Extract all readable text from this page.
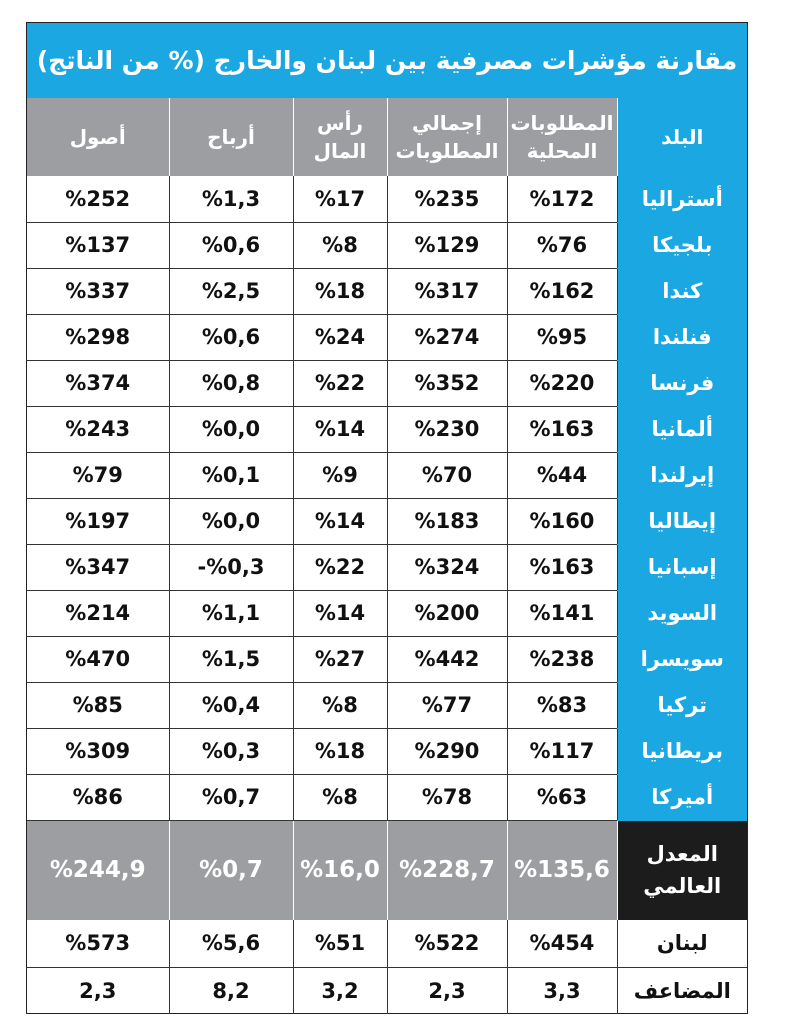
مقارنة مؤشرات مصرفية بين لبنان والخارج (% من الناتج)
البلد	المطلوبات المحلية	إجمالي المطلوبات	رأس المال	أرباح	أصول
أستراليا	%172	%235	%17	%1,3	%252
بلجيكا	%76	%129	%8	%0,6	%137
كندا	%162	%317	%18	%2,5	%337
فنلندا	%95	%274	%24	%0,6	%298
فرنسا	%220	%352	%22	%0,8	%374
ألمانيا	%163	%230	%14	%0,0	%243
إيرلندا	%44	%70	%9	%0,1	%79
إيطاليا	%160	%183	%14	%0,0	%197
إسبانيا	%163	%324	%22	%0,3-	%347
السويد	%141	%200	%14	%1,1	%214
سويسرا	%238	%442	%27	%1,5	%470
تركيا	%83	%77	%8	%0,4	%85
بريطانيا	%117	%290	%18	%0,3	%309
أميركا	%63	%78	%8	%0,7	%86
المعدل العالمي	%135,6	%228,7	%16,0	%0,7	%244,9
لبنان	%454	%522	%51	%5,6	%573
المضاعف	3,3	2,3	3,2	8,2	2,3
